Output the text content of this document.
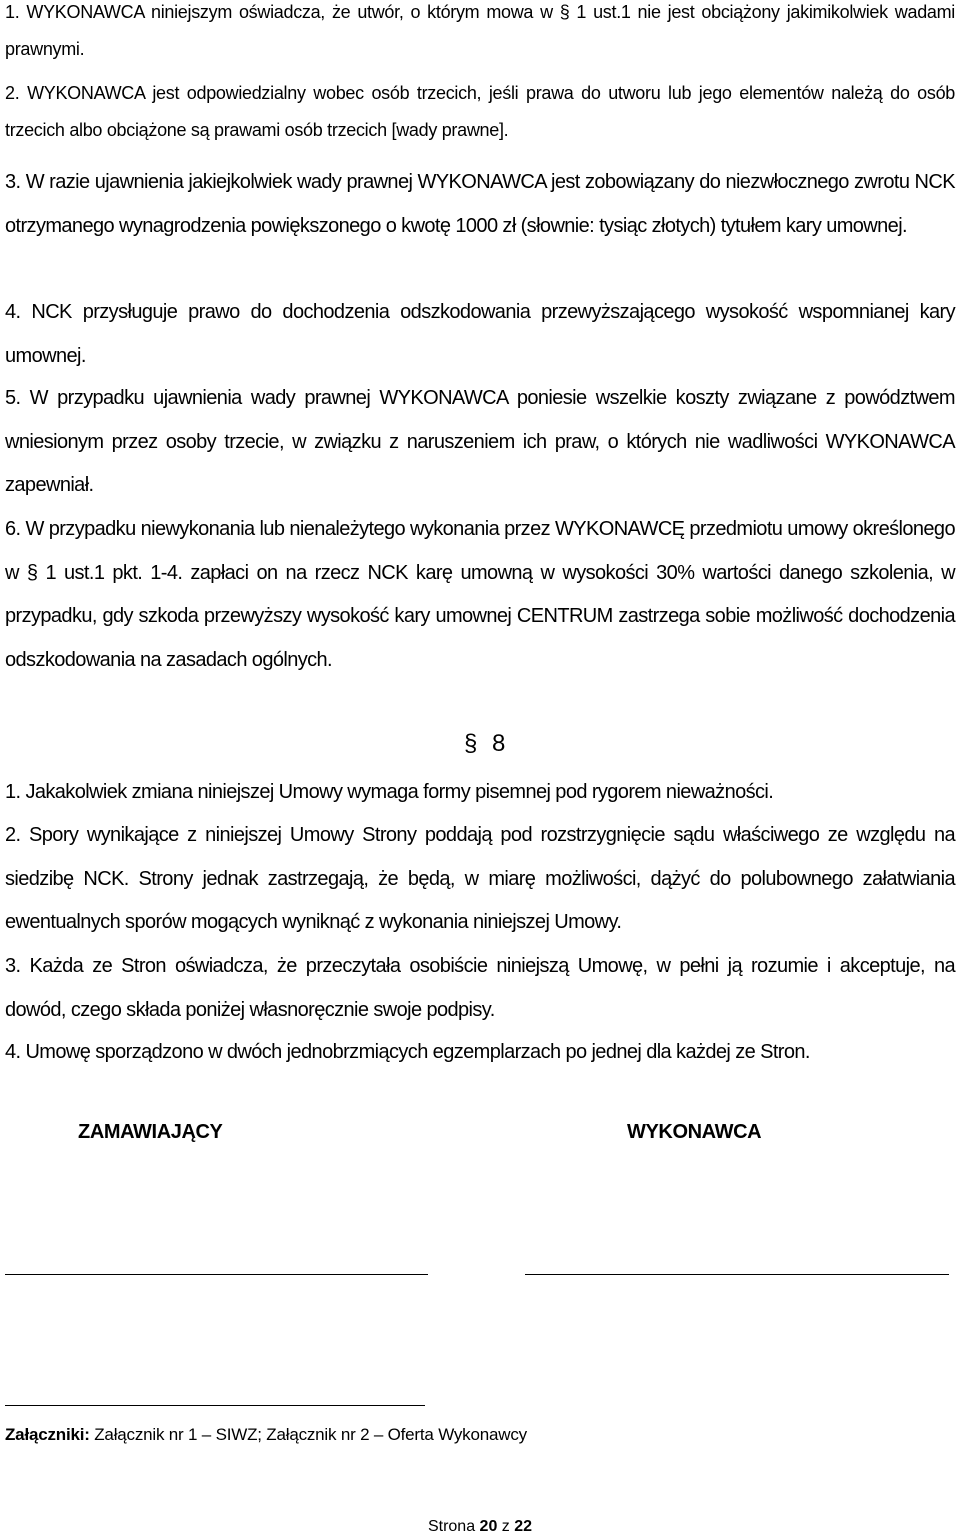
1. WYKONAWCA niniejszym oświadcza, że utwór, o którym mowa w § 1 ust.1 nie jest obciążony jakimikolwiek wadami prawnymi.
2. WYKONAWCA jest odpowiedzialny wobec osób trzecich, jeśli prawa do utworu lub jego elementów należą do osób trzecich albo obciążone są prawami osób trzecich [wady prawne].
3. W razie ujawnienia jakiejkolwiek wady prawnej WYKONAWCA jest zobowiązany do niezwłocznego zwrotu NCK otrzymanego wynagrodzenia powiększonego o kwotę 1000 zł (słownie: tysiąc złotych) tytułem kary umownej.
4. NCK przysługuje prawo do dochodzenia odszkodowania przewyższającego wysokość wspomnianej kary umownej.
5. W przypadku ujawnienia wady prawnej WYKONAWCA poniesie wszelkie koszty związane z powództwem wniesionym przez osoby trzecie, w związku z naruszeniem ich praw, o których nie wadliwości WYKONAWCA zapewniał.
6. W przypadku niewykonania lub nienależytego wykonania przez WYKONAWCĘ przedmiotu umowy określonego w § 1 ust.1 pkt. 1-4. zapłaci on na rzecz NCK karę umowną w wysokości 30% wartości danego szkolenia, w przypadku, gdy szkoda przewyższy wysokość kary umownej CENTRUM zastrzega sobie możliwość dochodzenia odszkodowania na zasadach ogólnych.
§ 8
1. Jakakolwiek zmiana niniejszej Umowy wymaga formy pisemnej pod rygorem nieważności.
2. Spory wynikające z niniejszej Umowy Strony poddają pod rozstrzygnięcie sądu właściwego ze względu na siedzibę NCK. Strony jednak zastrzegają, że będą, w miarę możliwości, dążyć do polubownego załatwiania ewentualnych sporów mogących wyniknąć z wykonania niniejszej Umowy.
3. Każda ze Stron oświadcza, że przeczytała osobiście niniejszą Umowę, w pełni ją rozumie i akceptuje, na dowód, czego składa poniżej własnoręcznie swoje podpisy.
4. Umowę sporządzono w dwóch jednobrzmiących egzemplarzach po jednej dla każdej ze Stron.
ZAMAWIAJĄCY	WYKONAWCA
Załączniki: Załącznik nr 1 – SIWZ; Załącznik nr 2 – Oferta Wykonawcy
Strona 20 z 22
